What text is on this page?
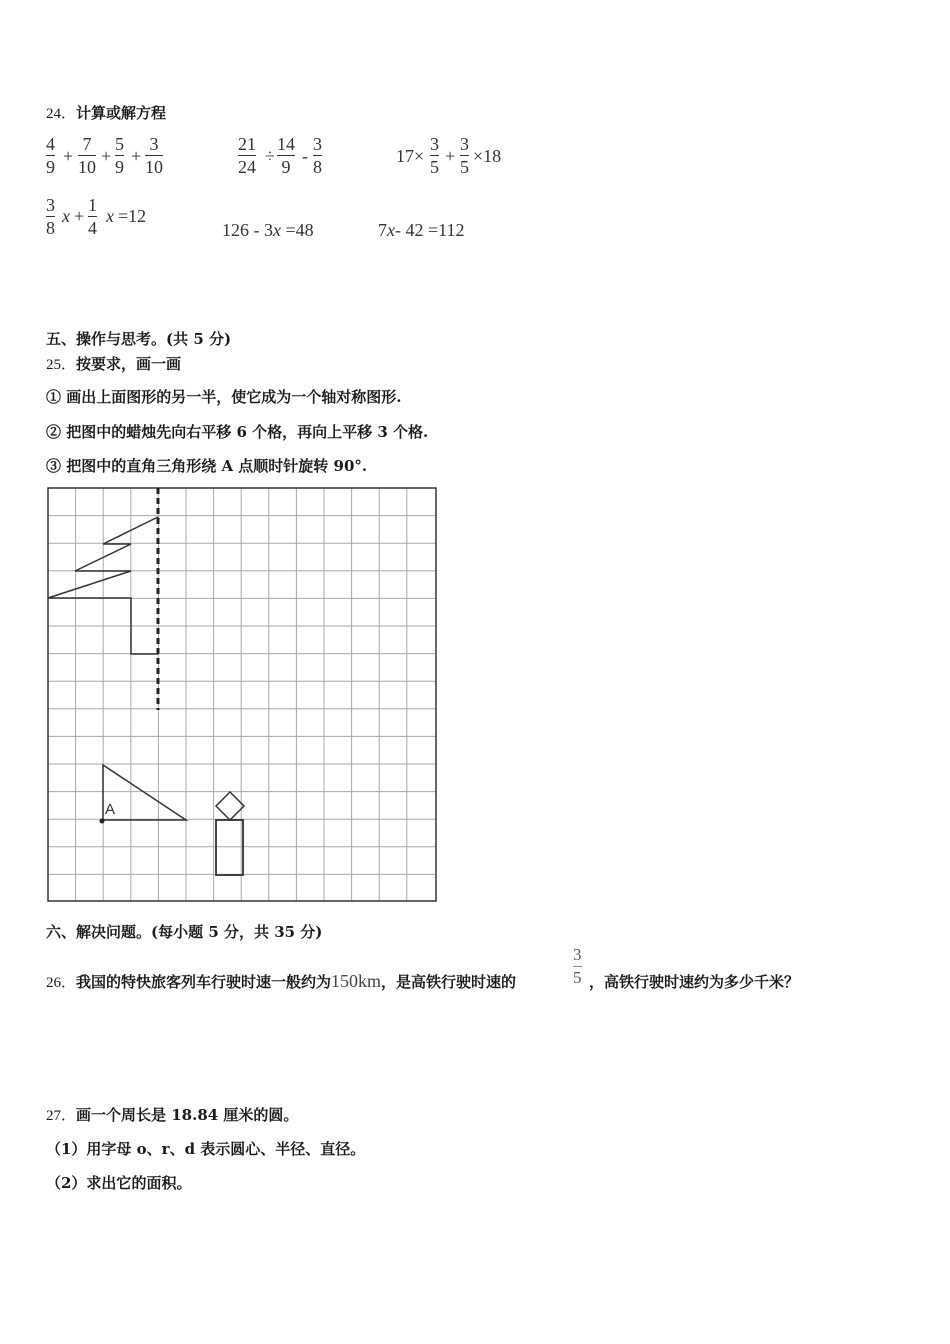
24．计算或解方程
4
9
+
7
10
+
5
9
+
3
10
21
24
÷
14
9
-
3
8
17 ×
3
5
+
3
5
×18
3
8
x +
1
4
x =12
126 - 3x =48	7x- 42 =112
五、操作与思考。(共 5 分)
25．按要求，画一画
① 画出上面图形的另一半，使它成为一个轴对称图形.
② 把图中的蜡烛先向右平移 6 个格，再向上平移 3 个格.
③ 把图中的直角三角形绕 A 点顺时针旋转 90°.
A
六、解决问题。(每小题 5 分，共 35 分)
26．我国的特快旅客列车行驶时速一般约为150km，是高铁行驶时速的
3
5 ，高铁行驶时速约为多少千米？
27．画一个周长是 18.84 厘米的圆。
（1）用字母 o、r、d 表示圆心、半径、直径。
（2）求出它的面积。
